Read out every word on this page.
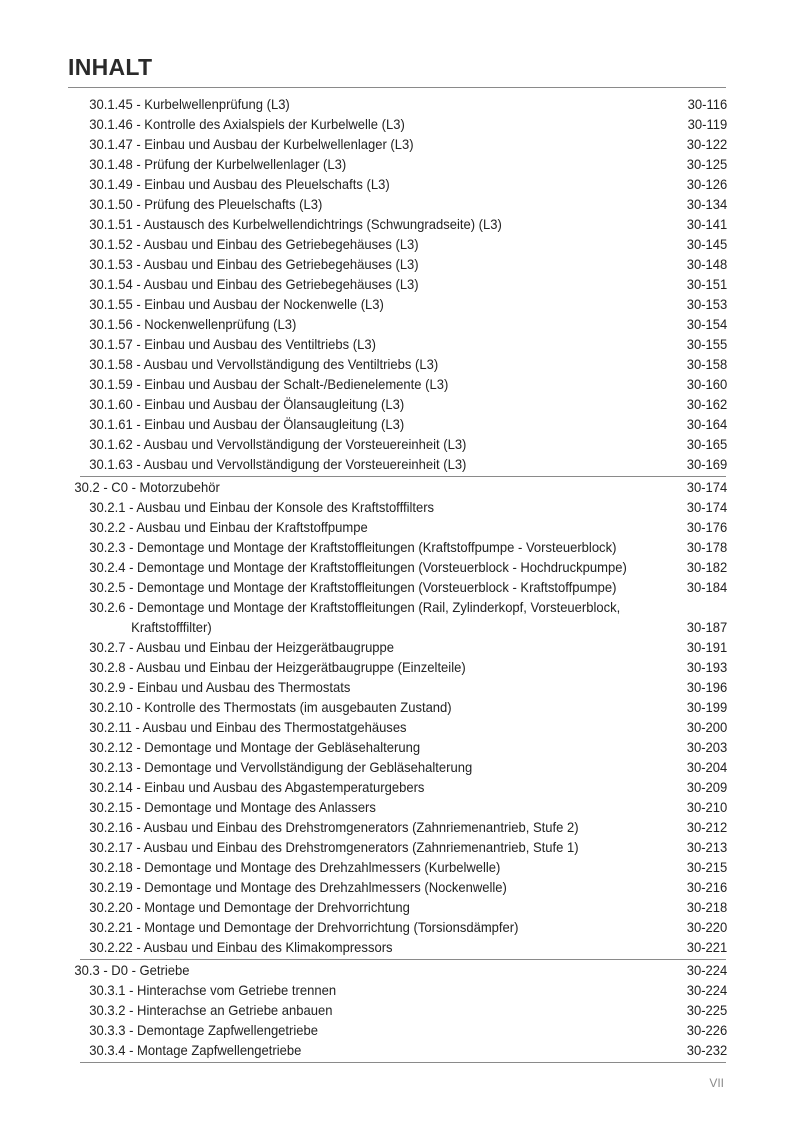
INHALT
30.1.45 - Kurbelwellenprüfung (L3)	30-116
30.1.46 - Kontrolle des Axialspiels der Kurbelwelle (L3)	30-119
30.1.47 - Einbau und Ausbau der Kurbelwellenlager (L3)	30-122
30.1.48 - Prüfung der Kurbelwellenlager (L3)	30-125
30.1.49 - Einbau und Ausbau des Pleuelschafts (L3)	30-126
30.1.50 - Prüfung des Pleuelschafts (L3)	30-134
30.1.51 - Austausch des Kurbelwellendichtrings (Schwungradseite) (L3)	30-141
30.1.52 - Ausbau und Einbau des Getriebegehäuses (L3)	30-145
30.1.53 - Ausbau und Einbau des Getriebegehäuses (L3)	30-148
30.1.54 - Ausbau und Einbau des Getriebegehäuses (L3)	30-151
30.1.55 - Einbau und Ausbau der Nockenwelle (L3)	30-153
30.1.56 - Nockenwellenprüfung (L3)	30-154
30.1.57 - Einbau und Ausbau des Ventiltriebs (L3)	30-155
30.1.58 - Ausbau und Vervollständigung des Ventiltriebs (L3)	30-158
30.1.59 - Einbau und Ausbau der Schalt-/Bedienelemente (L3)	30-160
30.1.60 - Einbau und Ausbau der Ölansaugleitung (L3)	30-162
30.1.61 - Einbau und Ausbau der Ölansaugleitung (L3)	30-164
30.1.62 - Ausbau und Vervollständigung der Vorsteuereinheit (L3)	30-165
30.1.63 - Ausbau und Vervollständigung der Vorsteuereinheit (L3)	30-169
30.2 - C0 - Motorzubehör	30-174
30.2.1 - Ausbau und Einbau der Konsole des Kraftstofffilters	30-174
30.2.2 - Ausbau und Einbau der Kraftstoffpumpe	30-176
30.2.3 - Demontage und Montage der Kraftstoffleitungen (Kraftstoffpumpe - Vorsteuerblock)	30-178
30.2.4 - Demontage und Montage der Kraftstoffleitungen (Vorsteuerblock - Hochdruckpumpe)	30-182
30.2.5 - Demontage und Montage der Kraftstoffleitungen (Vorsteuerblock - Kraftstoffpumpe)	30-184
30.2.6 - Demontage und Montage der Kraftstoffleitungen (Rail, Zylinderkopf, Vorsteuerblock,
Kraftstofffilter)	30-187
30.2.7 - Ausbau und Einbau der Heizgerätbaugruppe	30-191
30.2.8 - Ausbau und Einbau der Heizgerätbaugruppe (Einzelteile)	30-193
30.2.9 - Einbau und Ausbau des Thermostats	30-196
30.2.10 - Kontrolle des Thermostats (im ausgebauten Zustand)	30-199
30.2.11 - Ausbau und Einbau des Thermostatgehäuses	30-200
30.2.12 - Demontage und Montage der Gebläsehalterung	30-203
30.2.13 - Demontage und Vervollständigung der Gebläsehalterung	30-204
30.2.14 - Einbau und Ausbau des Abgastemperaturgebers	30-209
30.2.15 - Demontage und Montage des Anlassers	30-210
30.2.16 - Ausbau und Einbau des Drehstromgenerators (Zahnriemenantrieb, Stufe 2)	30-212
30.2.17 - Ausbau und Einbau des Drehstromgenerators (Zahnriemenantrieb, Stufe 1)	30-213
30.2.18 - Demontage und Montage des Drehzahlmessers (Kurbelwelle)	30-215
30.2.19 - Demontage und Montage des Drehzahlmessers (Nockenwelle)	30-216
30.2.20 - Montage und Demontage der Drehvorrichtung	30-218
30.2.21 - Montage und Demontage der Drehvorrichtung (Torsionsdämpfer)	30-220
30.2.22 - Ausbau und Einbau des Klimakompressors	30-221
30.3 - D0 - Getriebe	30-224
30.3.1 - Hinterachse vom Getriebe trennen	30-224
30.3.2 - Hinterachse an Getriebe anbauen	30-225
30.3.3 - Demontage Zapfwellengetriebe	30-226
30.3.4 - Montage Zapfwellengetriebe	30-232
VII
